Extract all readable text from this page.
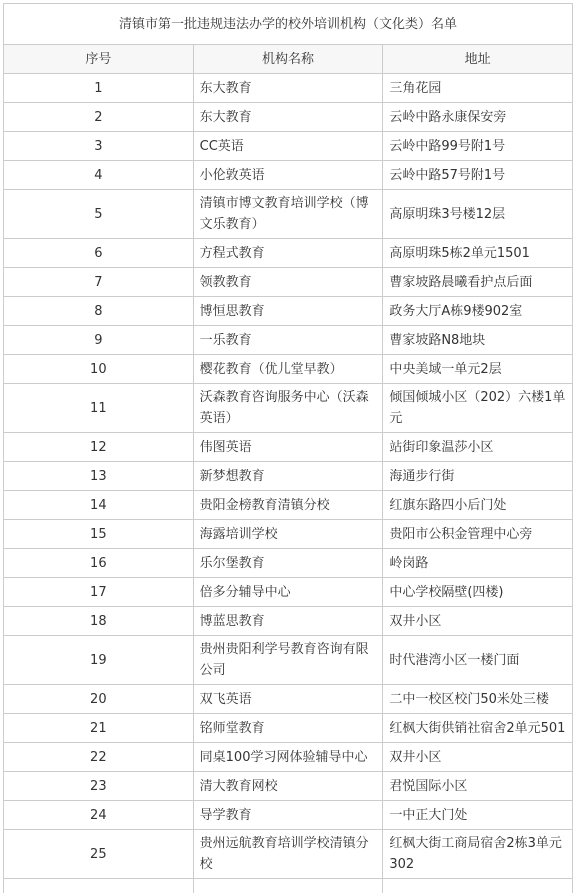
清镇市第一批违规违法办学的校外培训机构（文化类）名单		
序号	机构名称	地址
1	东大教育	三角花园
2	东大教育	云岭中路永康保安旁
3	CC英语	云岭中路99号附1号
4	小伦敦英语	云岭中路57号附1号
5	清镇市博文教育培训学校（博文乐教育）	高原明珠3号楼12层
6	方程式教育	高原明珠5栋2单元1501
7	领教教育	曹家坡路晨曦看护点后面
8	博恒思教育	政务大厅A栋9楼902室
9	一乐教育	曹家坡路N8地块
10	樱花教育（优儿堂早教）	中央美域一单元2层
11	沃森教育咨询服务中心（沃森英语）	倾国倾城小区（202）六楼1单元
12	伟图英语	站街印象温莎小区
13	新梦想教育	海通步行街
14	贵阳金榜教育清镇分校	红旗东路四小后门处
15	海露培训学校	贵阳市公积金管理中心旁
16	乐尔堡教育	岭岗路
17	倍多分辅导中心	中心学校隔壁(四楼)
18	博蓝思教育	双井小区
19	贵州贵阳利学号教育咨询有限公司	时代港湾小区一楼门面
20	双飞英语	二中一校区校门50米处三楼
21	铭师堂教育	红枫大街供销社宿舍2单元501
22	同桌100学习网体验辅导中心	双井小区
23	清大教育网校	君悦国际小区
24	导学教育	一中正大门处
25	贵州远航教育培训学校清镇分校	红枫大街工商局宿舍2栋3单元302
